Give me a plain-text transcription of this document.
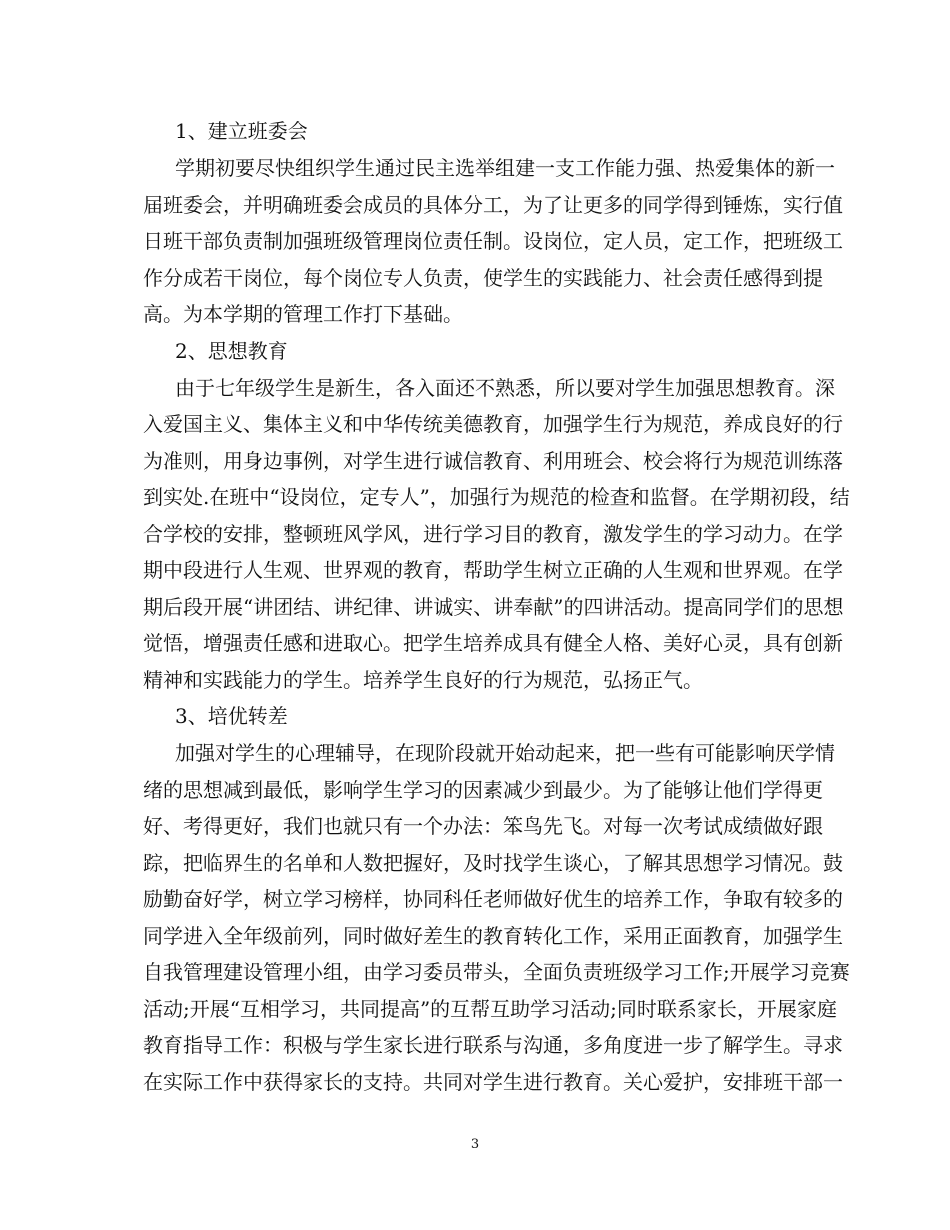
1、建立班委会
学期初要尽快组织学生通过民主选举组建一支工作能力强、热爱集体的新一
届班委会，并明确班委会成员的具体分工，为了让更多的同学得到锤炼，实行值
日班干部负责制加强班级管理岗位责任制。设岗位，定人员，定工作，把班级工
作分成若干岗位，每个岗位专人负责，使学生的实践能力、社会责任感得到提
高。为本学期的管理工作打下基础。
2、思想教育
由于七年级学生是新生，各入面还不熟悉，所以要对学生加强思想教育。深
入爱国主义、集体主义和中华传统美德教育，加强学生行为规范，养成良好的行
为准则，用身边事例，对学生进行诚信教育、利用班会、校会将行为规范训练落
到实处.在班中“设岗位，定专人”，加强行为规范的检查和监督。在学期初段，结
合学校的安排，整顿班风学风，进行学习目的教育，激发学生的学习动力。在学
期中段进行人生观、世界观的教育，帮助学生树立正确的人生观和世界观。在学
期后段开展“讲团结、讲纪律、讲诚实、讲奉献”的四讲活动。提高同学们的思想
觉悟，增强责任感和进取心。把学生培养成具有健全人格、美好心灵，具有创新
精神和实践能力的学生。培养学生良好的行为规范，弘扬正气。
3、培优转差
加强对学生的心理辅导，在现阶段就开始动起来，把一些有可能影响厌学情
绪的思想减到最低，影响学生学习的因素减少到最少。为了能够让他们学得更
好、考得更好，我们也就只有一个办法：笨鸟先飞。对每一次考试成绩做好跟
踪，把临界生的名单和人数把握好，及时找学生谈心，了解其思想学习情况。鼓
励勤奋好学，树立学习榜样，协同科任老师做好优生的培养工作，争取有较多的
同学进入全年级前列，同时做好差生的教育转化工作，采用正面教育，加强学生
自我管理建设管理小组，由学习委员带头，全面负责班级学习工作;开展学习竞赛
活动;开展“互相学习，共同提高”的互帮互助学习活动;同时联系家长，开展家庭
教育指导工作：积极与学生家长进行联系与沟通，多角度进一步了解学生。寻求
在实际工作中获得家长的支持。共同对学生进行教育。关心爱护，安排班干部一
3
